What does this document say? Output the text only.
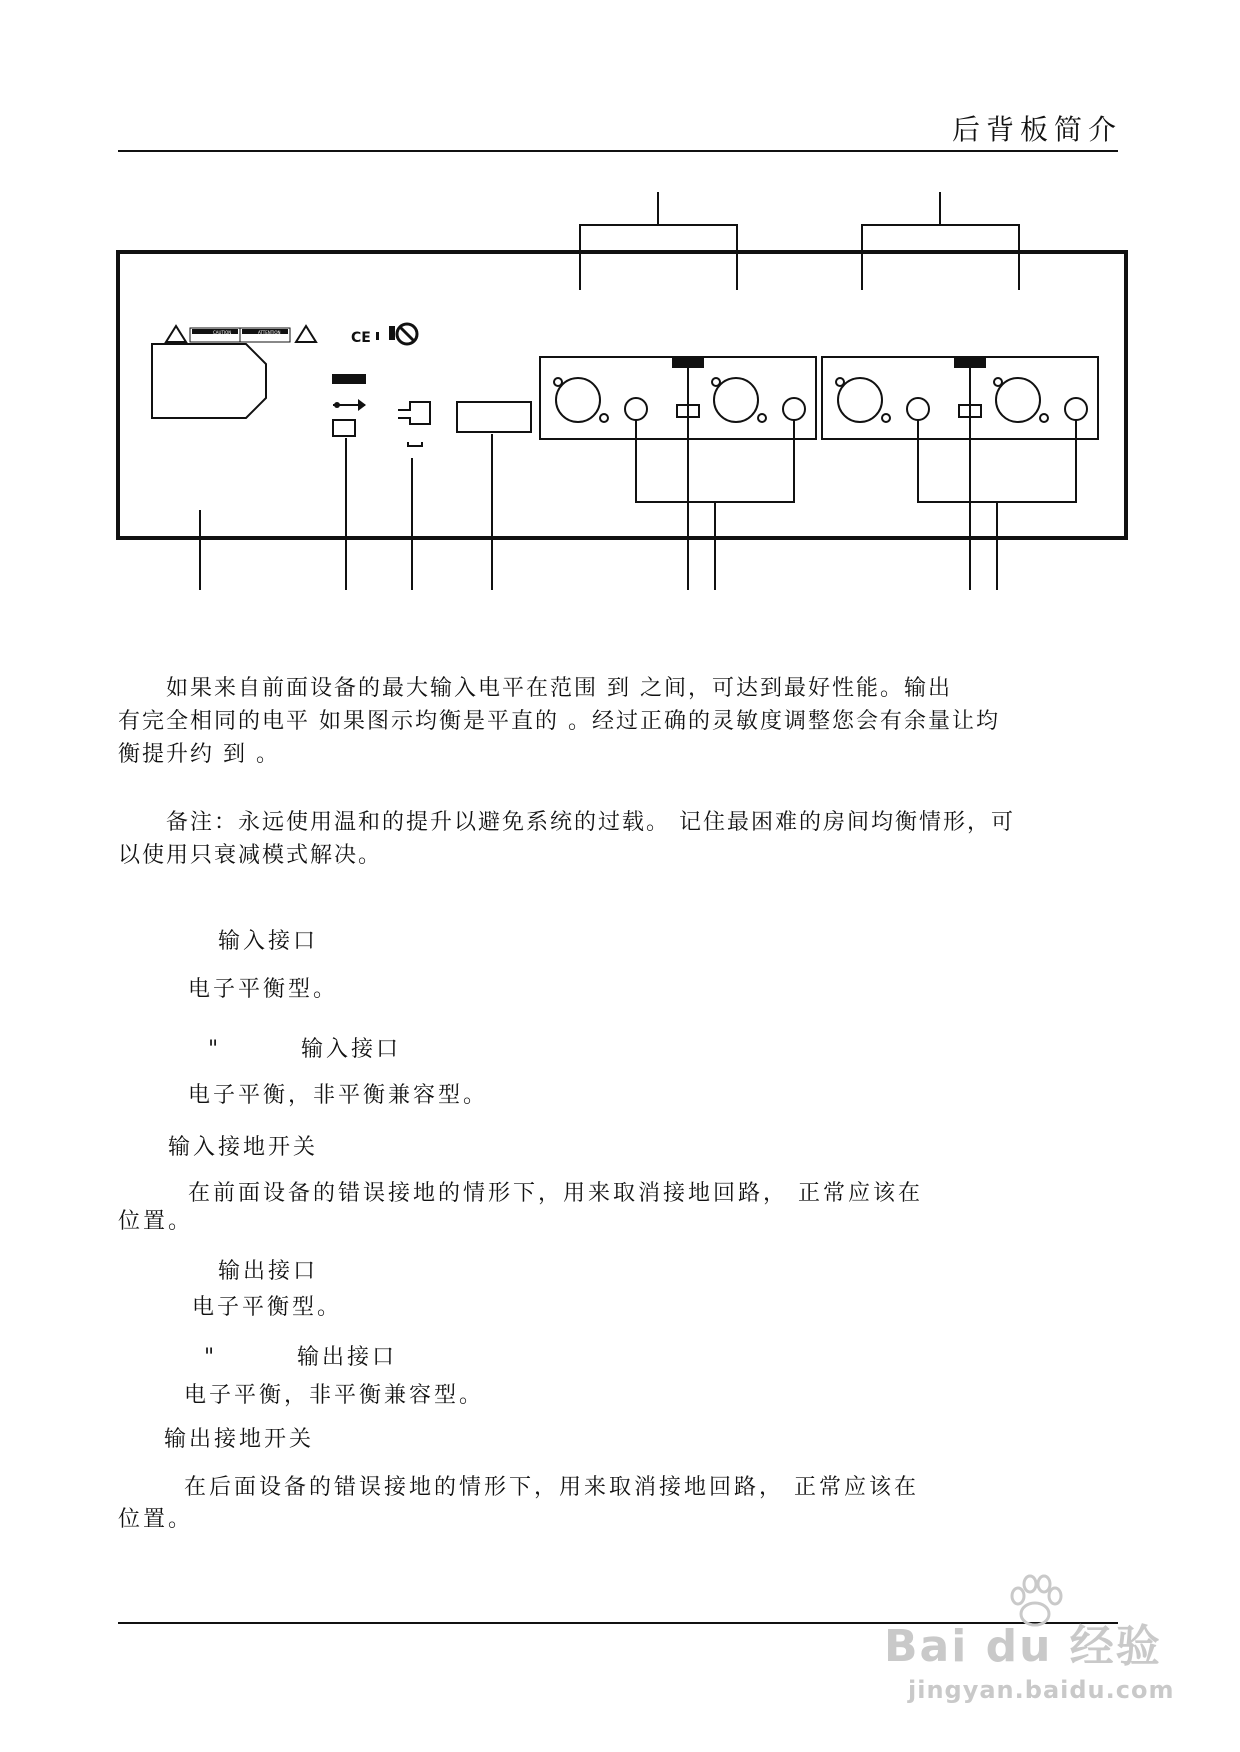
后背板简介
CE
CAUTION	ATTENTION

　　如果来自前面设备的最大输入电平在范围 到 之间，可达到最好性能。输出

有完全相同的电平 如果图示均衡是平直的 。经过正确的灵敏度调整您会有余量让均

衡提升约 到 。

　　备注：永远使用温和的提升以避免系统的过载。 记住最困难的房间均衡情形，可

以使用只衰减模式解决。

输入接口
电子平衡型。
"        输入接口
电子平衡，非平衡兼容型。
输入接地开关
在前面设备的错误接地的情形下，用来取消接地回路， 正常应该在
位置。
输出接口
电子平衡型。
"        输出接口
电子平衡，非平衡兼容型。
输出接地开关
在后面设备的错误接地的情形下，用来取消接地回路， 正常应该在
位置。
Bai du 经验
jingyan.baidu.com
